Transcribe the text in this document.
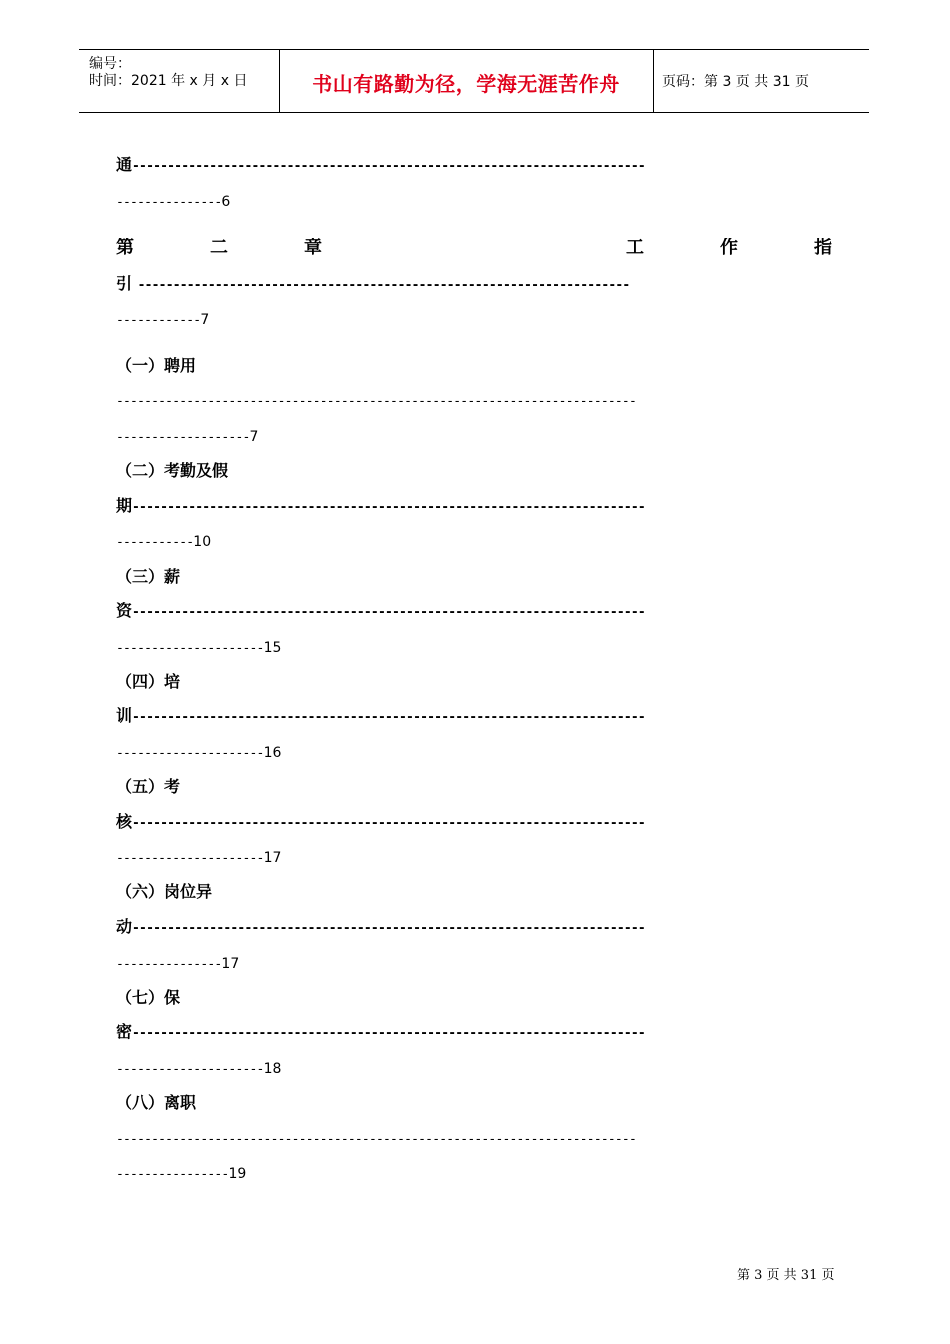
编号：
时间：2021 年 x 月 x 日	书山有路勤为径，学海无涯苦作舟	页码：第 3 页 共 31 页
通-------------------------------------------------------------------------
---------------6
第	二	章	工	作	指
引 ----------------------------------------------------------------------
------------7
（一）聘用
--------------------------------------------------------------------------
-------------------7
（二）考勤及假
期-------------------------------------------------------------------------
-----------10
（三）薪
资-------------------------------------------------------------------------
---------------------15
（四）培
训-------------------------------------------------------------------------
---------------------16
（五）考
核-------------------------------------------------------------------------
---------------------17
（六）岗位异
动-------------------------------------------------------------------------
---------------17
（七）保
密-------------------------------------------------------------------------
---------------------18
（八）离职
--------------------------------------------------------------------------
----------------19
第 3 页 共 31 页
